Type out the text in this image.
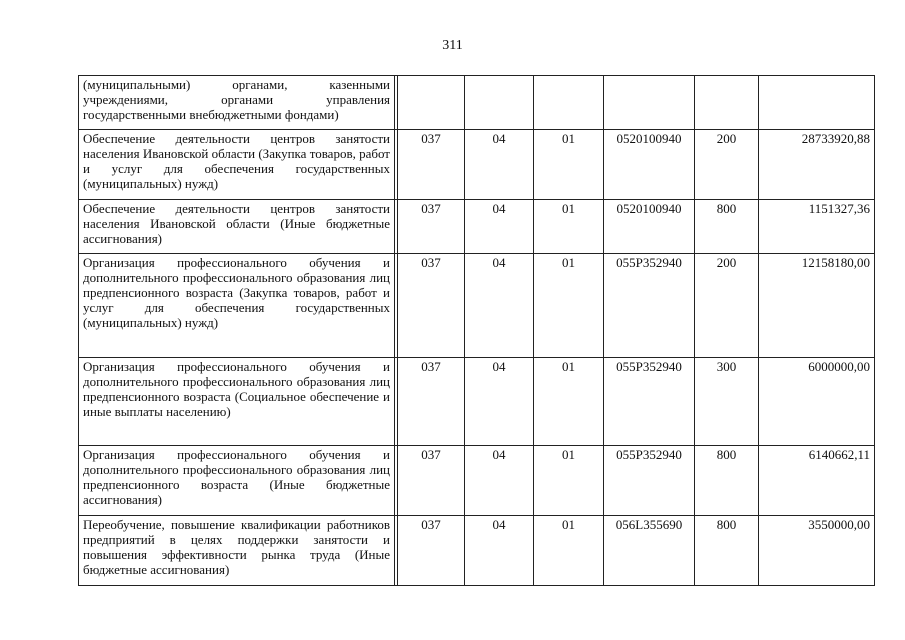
311
(муниципальными) органами, казенными учреждениями, органами управления государственными внебюджетными фондами)							
Обеспечение деятельности центров занятости населения Ивановской области (Закупка товаров, работ и услуг для обеспечения государственных (муниципальных) нужд)		037	04	01	0520100940	200	28733920,88
Обеспечение деятельности центров занятости населения Ивановской области (Иные бюджетные ассигнования)		037	04	01	0520100940	800	1151327,36
Организация профессионального обучения и дополнительного профессионального образования лиц предпенсионного возраста (Закупка товаров, работ и услуг для обеспечения государственных (муниципальных) нужд)		037	04	01	055P352940	200	12158180,00
Организация профессионального обучения и дополнительного профессионального образования лиц предпенсионного возраста (Социальное обеспечение и иные выплаты населению)		037	04	01	055P352940	300	6000000,00
Организация профессионального обучения и дополнительного профессионального образования лиц предпенсионного возраста (Иные бюджетные ассигнования)		037	04	01	055P352940	800	6140662,11
Переобучение, повышение квалификации работников предприятий в целях поддержки занятости и повышения эффективности рынка труда (Иные бюджетные ассигнования)		037	04	01	056L355690	800	3550000,00
